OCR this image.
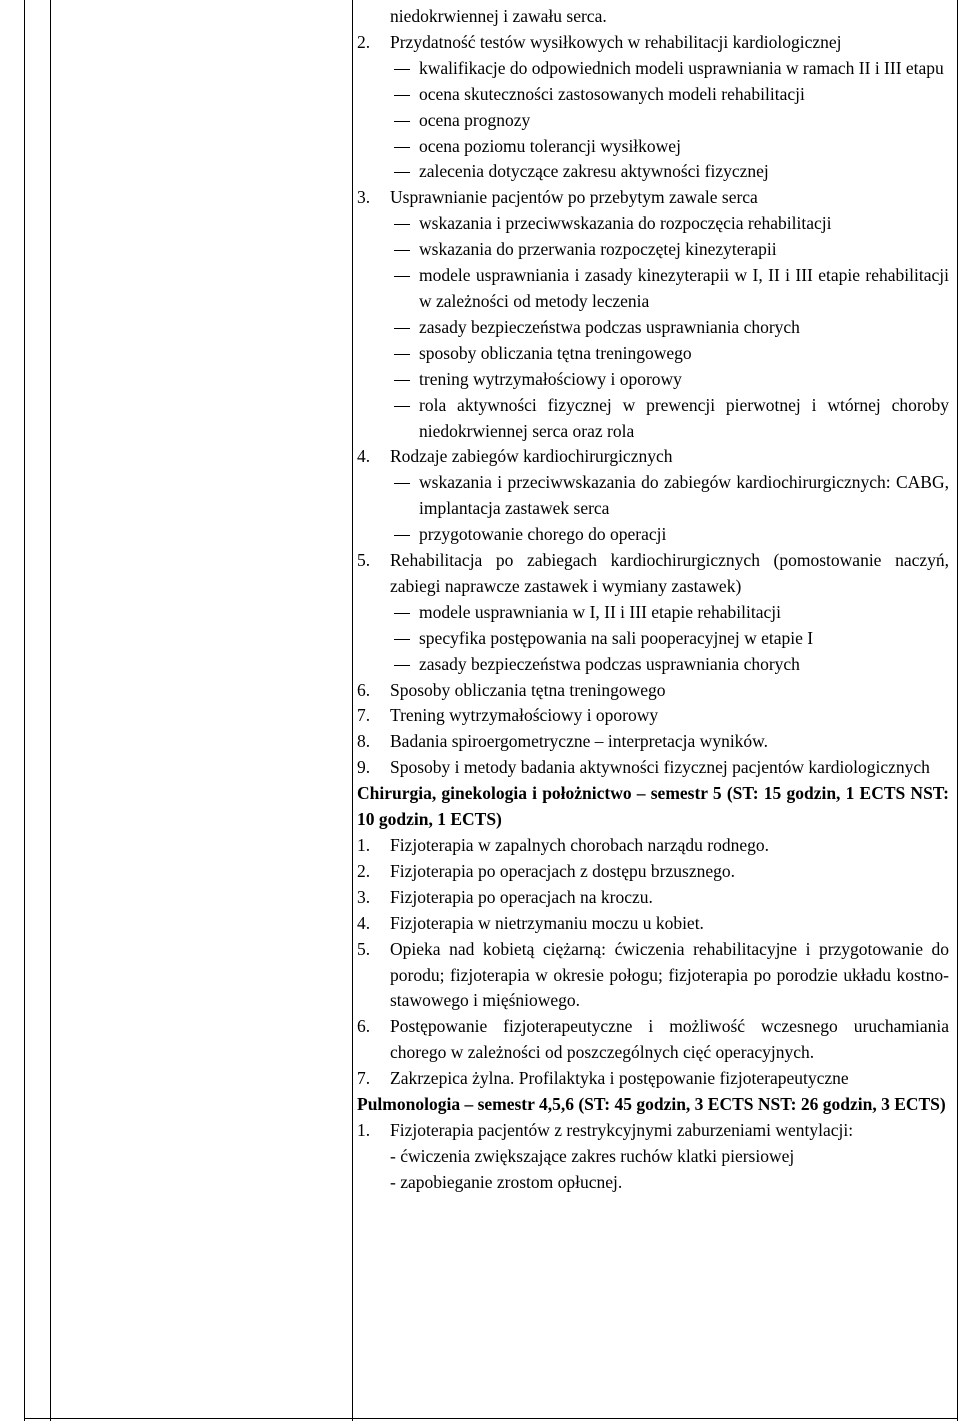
niedokrwiennej i zawału serca.
2.	Przydatność testów wysiłkowych w rehabilitacji kardiologicznej
kwalifikacje do odpowiednich modeli usprawniania w ramach II i III etapu
ocena skuteczności zastosowanych modeli rehabilitacji
ocena prognozy
ocena poziomu tolerancji wysiłkowej
zalecenia dotyczące zakresu aktywności fizycznej
3.	Usprawnianie pacjentów po przebytym zawale serca
wskazania i przeciwwskazania do rozpoczęcia rehabilitacji
wskazania do przerwania rozpoczętej kinezyterapii
modele usprawniania i zasady kinezyterapii w I, II i III etapie rehabilitacji w zależności od metody leczenia
zasady bezpieczeństwa podczas usprawniania chorych
sposoby obliczania tętna treningowego
trening wytrzymałościowy i oporowy
rola aktywności fizycznej w prewencji pierwotnej i wtórnej choroby niedokrwiennej serca oraz rola
4.	Rodzaje zabiegów kardiochirurgicznych
wskazania i przeciwwskazania do zabiegów kardiochirurgicznych: CABG, implantacja zastawek serca
przygotowanie chorego do operacji
5.	Rehabilitacja po zabiegach kardiochirurgicznych (pomostowanie naczyń, zabiegi naprawcze zastawek i wymiany zastawek)
modele usprawniania w I, II i III etapie rehabilitacji
specyfika postępowania na sali pooperacyjnej w etapie I
zasady bezpieczeństwa podczas usprawniania chorych
6.	Sposoby obliczania tętna treningowego
7.	Trening wytrzymałościowy i oporowy
8.	Badania spiroergometryczne – interpretacja wyników.
9.	Sposoby i metody badania aktywności fizycznej pacjentów kardiologicznych
Chirurgia, ginekologia i położnictwo – semestr 5 (ST: 15 godzin, 1 ECTS NST: 10 godzin, 1 ECTS)
1.	Fizjoterapia w zapalnych chorobach narządu rodnego.
2.	Fizjoterapia po operacjach z dostępu brzusznego.
3.	Fizjoterapia po operacjach na kroczu.
4.	Fizjoterapia w nietrzymaniu moczu u kobiet.
5.	Opieka nad kobietą ciężarną: ćwiczenia rehabilitacyjne i przygotowanie do porodu; fizjoterapia w okresie połogu; fizjoterapia po porodzie układu kostno-stawowego i mięśniowego.
6.	Postępowanie fizjoterapeutyczne i możliwość wczesnego uruchamiania chorego w zależności od poszczególnych cięć operacyjnych.
7.	Zakrzepica żylna. Profilaktyka i postępowanie fizjoterapeutyczne
Pulmonologia – semestr 4,5,6 (ST: 45 godzin, 3 ECTS NST: 26 godzin, 3 ECTS)
1.	Fizjoterapia pacjentów z restrykcyjnymi zaburzeniami wentylacji:
- ćwiczenia zwiększające zakres ruchów klatki piersiowej
- zapobieganie zrostom opłucnej.
